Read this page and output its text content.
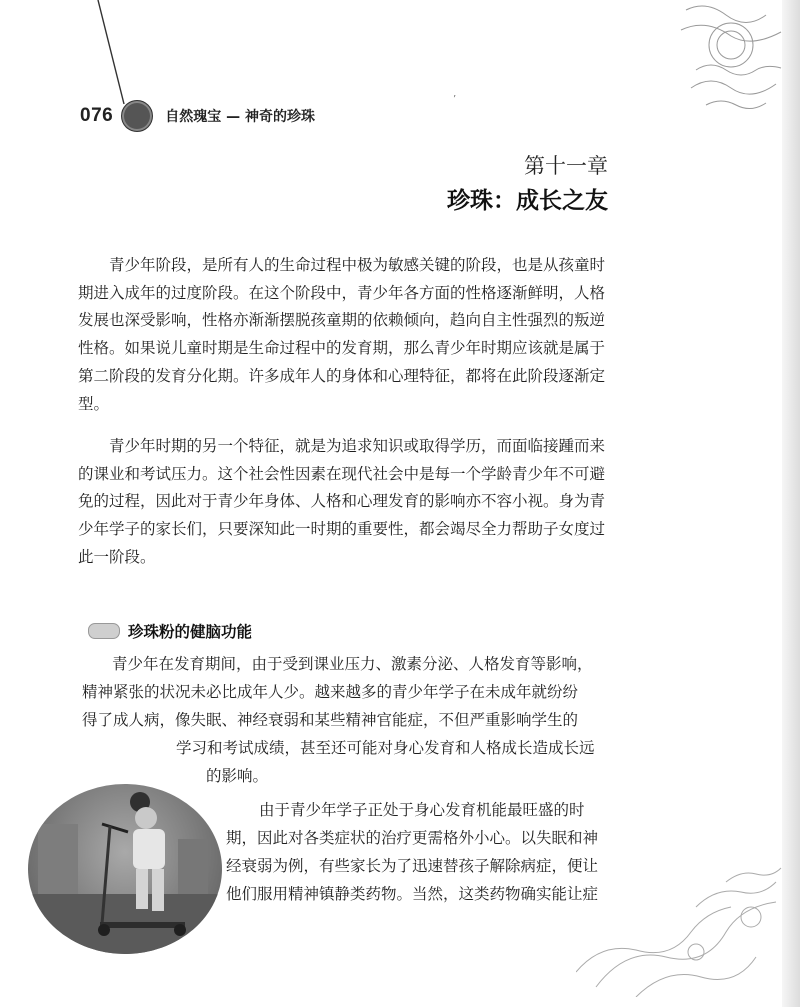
076	自然瑰宝 — 神奇的珍珠
第十一章
珍珠：成长之友

青少年阶段，是所有人的生命过程中极为敏感关键的阶段，也是从孩童时期进入成年的过度阶段。在这个阶段中，青少年各方面的性格逐渐鲜明，人格发展也深受影响，性格亦渐渐摆脱孩童期的依赖倾向，趋向自主性强烈的叛逆性格。如果说儿童时期是生命过程中的发育期，那么青少年时期应该就是属于第二阶段的发育分化期。许多成年人的身体和心理特征，都将在此阶段逐渐定型。

青少年时期的另一个特征，就是为追求知识或取得学历，而面临接踵而来的课业和考试压力。这个社会性因素在现代社会中是每一个学龄青少年不可避免的过程，因此对于青少年身体、人格和心理发育的影响亦不容小视。身为青少年学子的家长们，只要深知此一时期的重要性，都会竭尽全力帮助子女度过此一阶段。

珍珠粉的健脑功能
青少年在发育期间，由于受到课业压力、激素分泌、人格发育等影响，
精神紧张的状况未必比成年人少。越来越多的青少年学子在未成年就纷纷
得了成人病，像失眠、神经衰弱和某些精神官能症，不但严重影响学生的
学习和考试成绩，甚至还可能对身心发育和人格成长造成长远
的影响。
由于青少年学子正处于身心发育机能最旺盛的时
期，因此对各类症状的治疗更需格外小心。以失眠和神
经衰弱为例，有些家长为了迅速替孩子解除病症，便让
他们服用精神镇静类药物。当然，这类药物确实能让症
’
